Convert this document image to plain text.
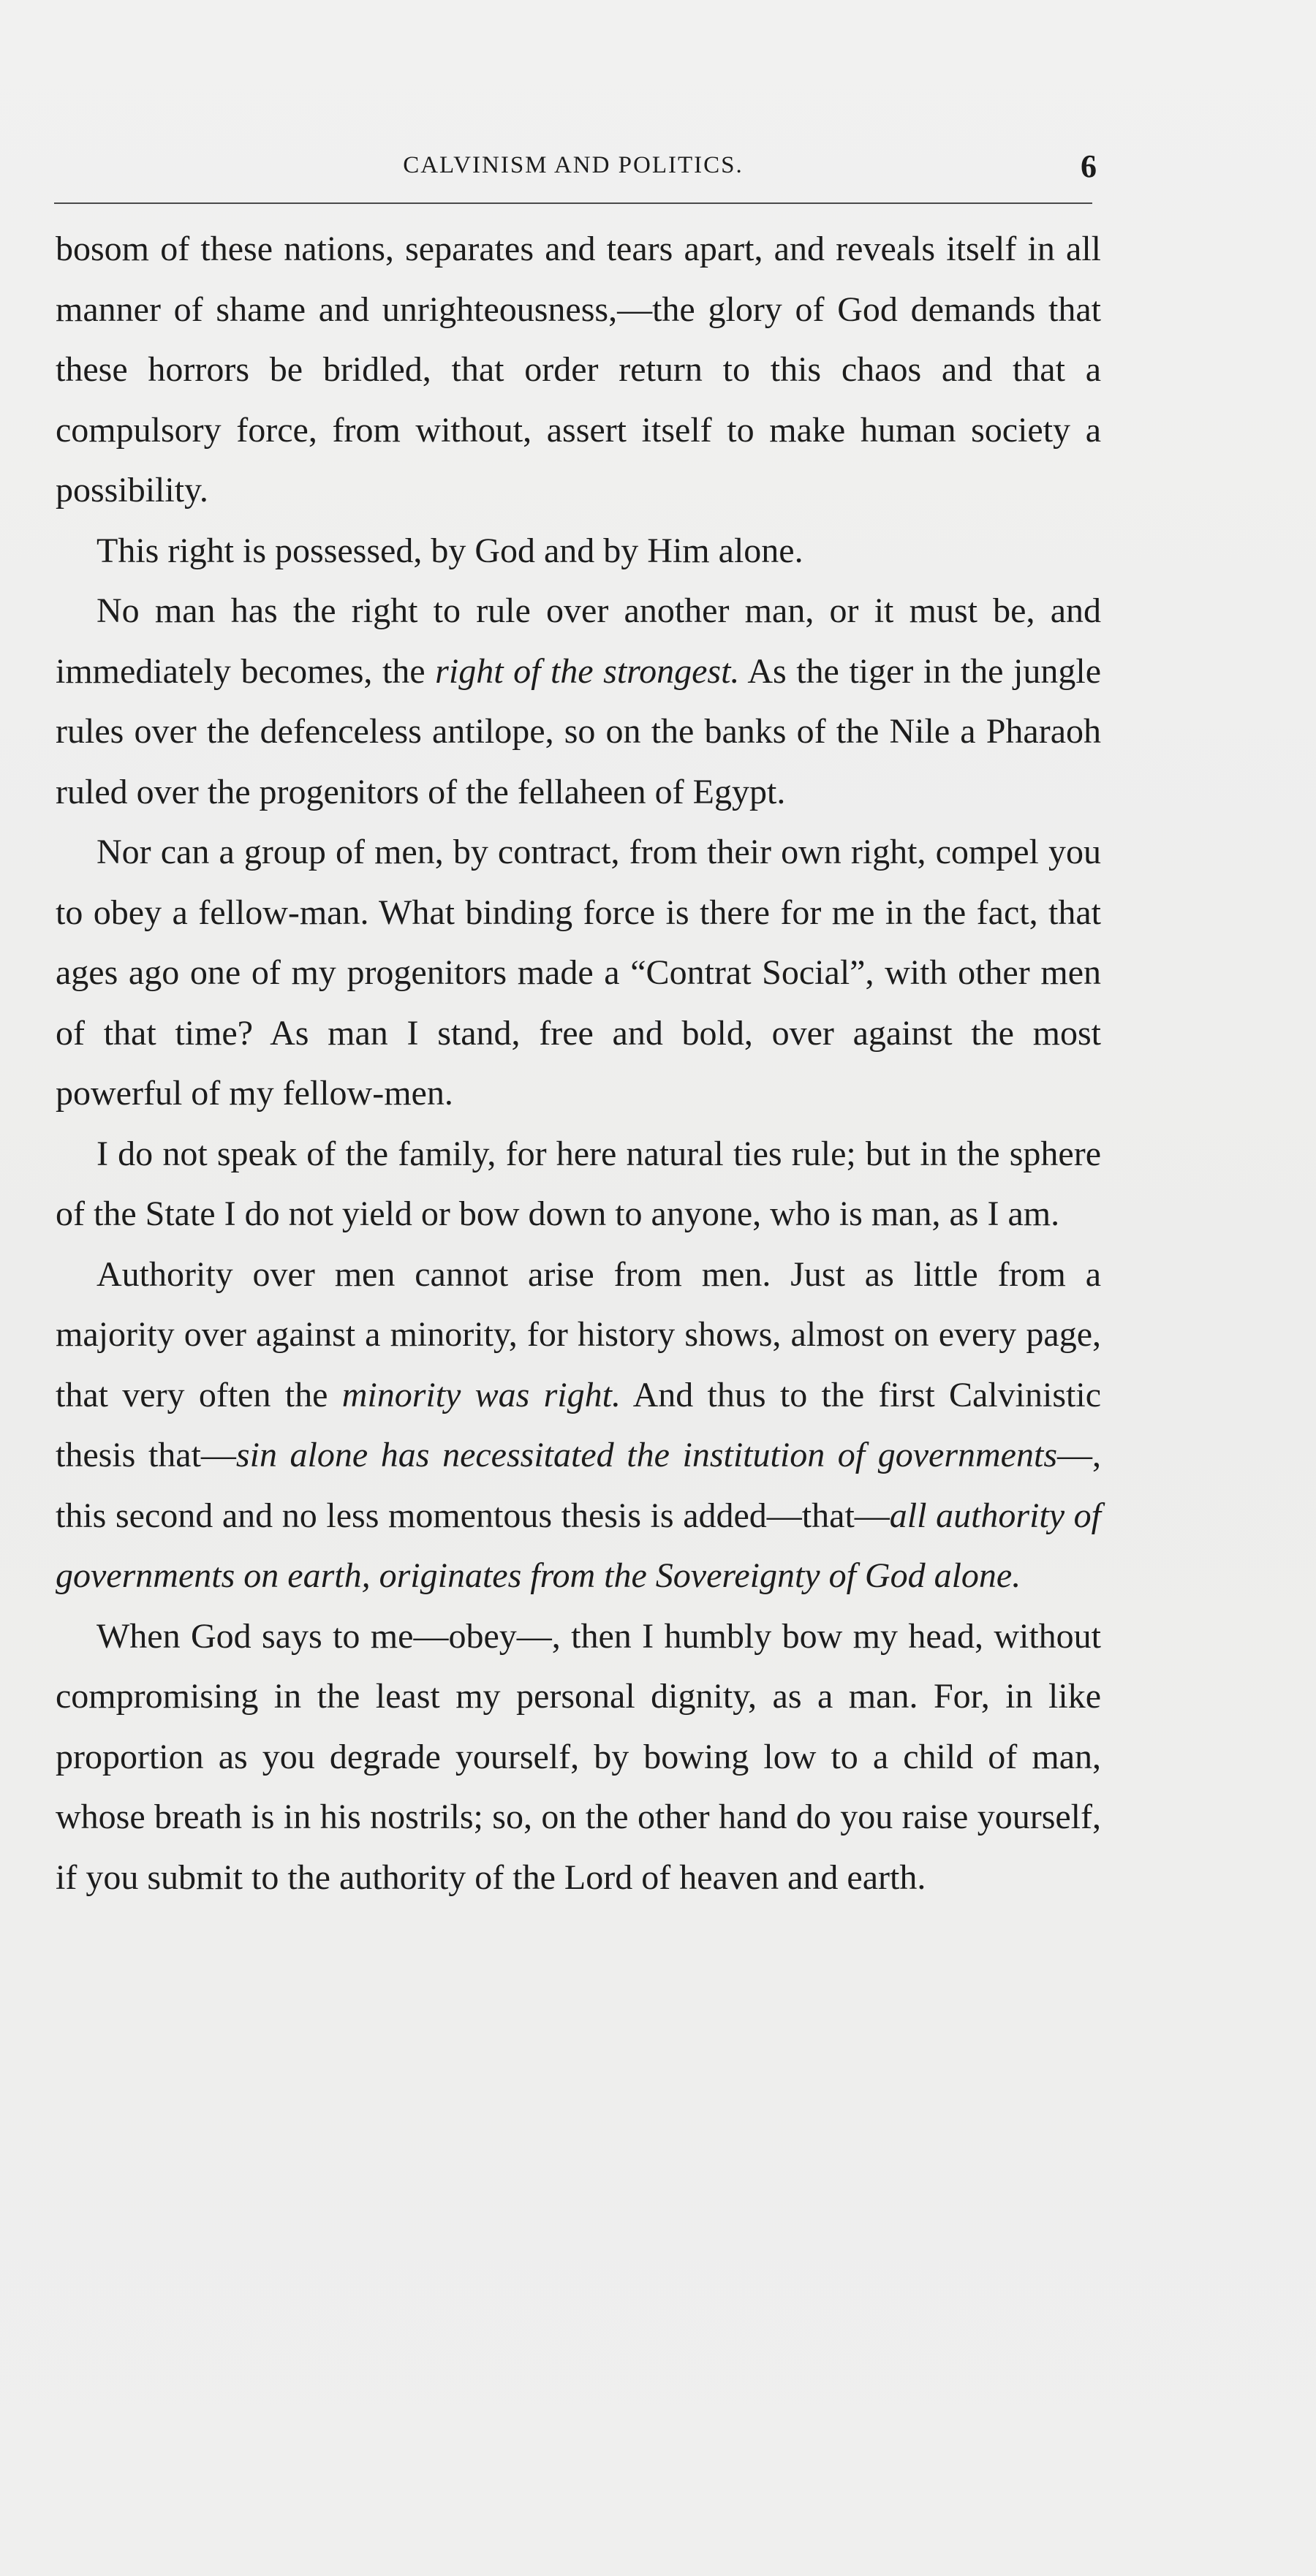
CALVINISM AND POLITICS.	6

bosom of these nations, separates and tears apart, and reveals itself in all manner of shame and unrighteousness,—the glory of God demands that these horrors be bridled, that order return to this chaos and that a compulsory force, from without, assert itself to make human society a possibility.

This right is possessed, by God and by Him alone.

No man has the right to rule over another man, or it must be, and immediately becomes, the right of the strongest. As the tiger in the jungle rules over the defenceless antilope, so on the banks of the Nile a Pharaoh ruled over the progenitors of the fellaheen of Egypt.

Nor can a group of men, by contract, from their own right, compel you to obey a fellow-man. What binding force is there for me in the fact, that ages ago one of my progenitors made a “Contrat Social”, with other men of that time? As man I stand, free and bold, over against the most powerful of my fellow-men.

I do not speak of the family, for here natural ties rule; but in the sphere of the State I do not yield or bow down to anyone, who is man, as I am.

Authority over men cannot arise from men. Just as little from a majority over against a minority, for history shows, almost on every page, that very often the minority was right. And thus to the first Calvinistic thesis that—sin alone has necessitated the institution of governments—, this second and no less momentous thesis is added—that—all authority of governments on earth, originates from the Sovereignty of God alone.

When God says to me—obey—, then I humbly bow my head, without compromising in the least my personal dignity, as a man. For, in like proportion as you degrade yourself, by bowing low to a child of man, whose breath is in his nostrils; so, on the other hand do you raise yourself, if you submit to the authority of the Lord of heaven and earth.
